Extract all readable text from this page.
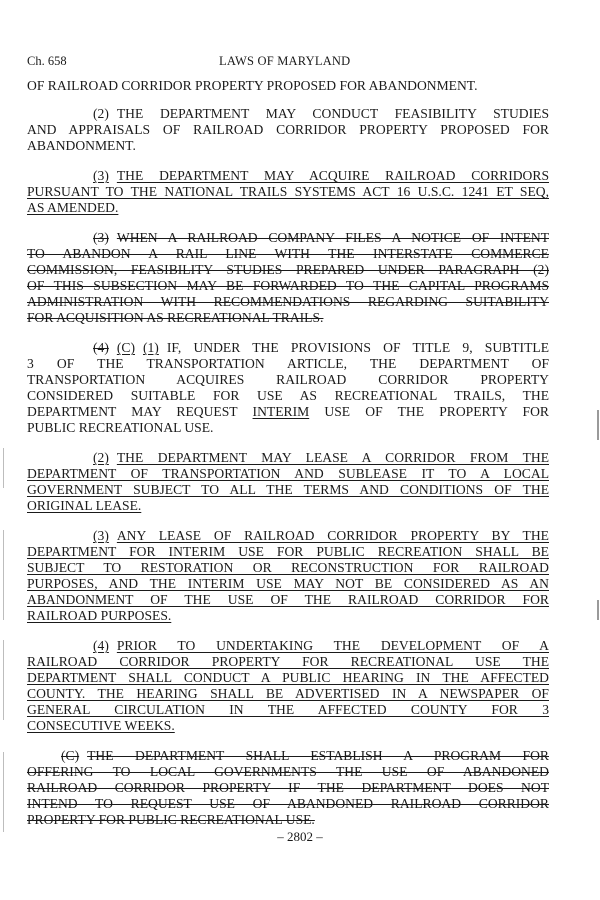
Ch. 658	LAWS OF MARYLAND
OF RAILROAD CORRIDOR PROPERTY PROPOSED FOR ABANDONMENT.
(2) THE DEPARTMENT MAY CONDUCT FEASIBILITY STUDIES
AND APPRAISALS OF RAILROAD CORRIDOR PROPERTY PROPOSED FOR
ABANDONMENT.
(3) THE DEPARTMENT MAY ACQUIRE RAILROAD CORRIDORS
PURSUANT TO THE NATIONAL TRAILS SYSTEMS ACT 16 U.S.C. 1241 ET SEQ,
AS AMENDED.
(3) WHEN A RAILROAD COMPANY FILES A NOTICE OF INTENT
TO ABANDON A RAIL LINE WITH THE INTERSTATE COMMERCE
COMMISSION, FEASIBILITY STUDIES PREPARED UNDER PARAGRAPH (2)
OF THIS SUBSECTION MAY BE FORWARDED TO THE CAPITAL PROGRAMS
ADMINISTRATION WITH RECOMMENDATIONS REGARDING SUITABILITY
FOR ACQUISITION AS RECREATIONAL TRAILS.
(4) (C) (1) IF, UNDER THE PROVISIONS OF TITLE 9, SUBTITLE
3 OF THE TRANSPORTATION ARTICLE, THE DEPARTMENT OF
TRANSPORTATION ACQUIRES RAILROAD CORRIDOR PROPERTY
CONSIDERED SUITABLE FOR USE AS RECREATIONAL TRAILS, THE
DEPARTMENT MAY REQUEST INTERIM USE OF THE PROPERTY FOR
PUBLIC RECREATIONAL USE.
(2) THE DEPARTMENT MAY LEASE A CORRIDOR FROM THE
DEPARTMENT OF TRANSPORTATION AND SUBLEASE IT TO A LOCAL
GOVERNMENT SUBJECT TO ALL THE TERMS AND CONDITIONS OF THE
ORIGINAL LEASE.
(3) ANY LEASE OF RAILROAD CORRIDOR PROPERTY BY THE
DEPARTMENT FOR INTERIM USE FOR PUBLIC RECREATION SHALL BE
SUBJECT TO RESTORATION OR RECONSTRUCTION FOR RAILROAD
PURPOSES, AND THE INTERIM USE MAY NOT BE CONSIDERED AS AN
ABANDONMENT OF THE USE OF THE RAILROAD CORRIDOR FOR
RAILROAD PURPOSES.
(4) PRIOR TO UNDERTAKING THE DEVELOPMENT OF A
RAILROAD CORRIDOR PROPERTY FOR RECREATIONAL USE THE
DEPARTMENT SHALL CONDUCT A PUBLIC HEARING IN THE AFFECTED
COUNTY. THE HEARING SHALL BE ADVERTISED IN A NEWSPAPER OF
GENERAL CIRCULATION IN THE AFFECTED COUNTY FOR 3
CONSECUTIVE WEEKS.
(C) THE DEPARTMENT SHALL ESTABLISH A PROGRAM FOR
OFFERING TO LOCAL GOVERNMENTS THE USE OF ABANDONED
RAILROAD CORRIDOR PROPERTY IF THE DEPARTMENT DOES NOT
INTEND TO REQUEST USE OF ABANDONED RAILROAD CORRIDOR
PROPERTY FOR PUBLIC RECREATIONAL USE.
– 2802 –
